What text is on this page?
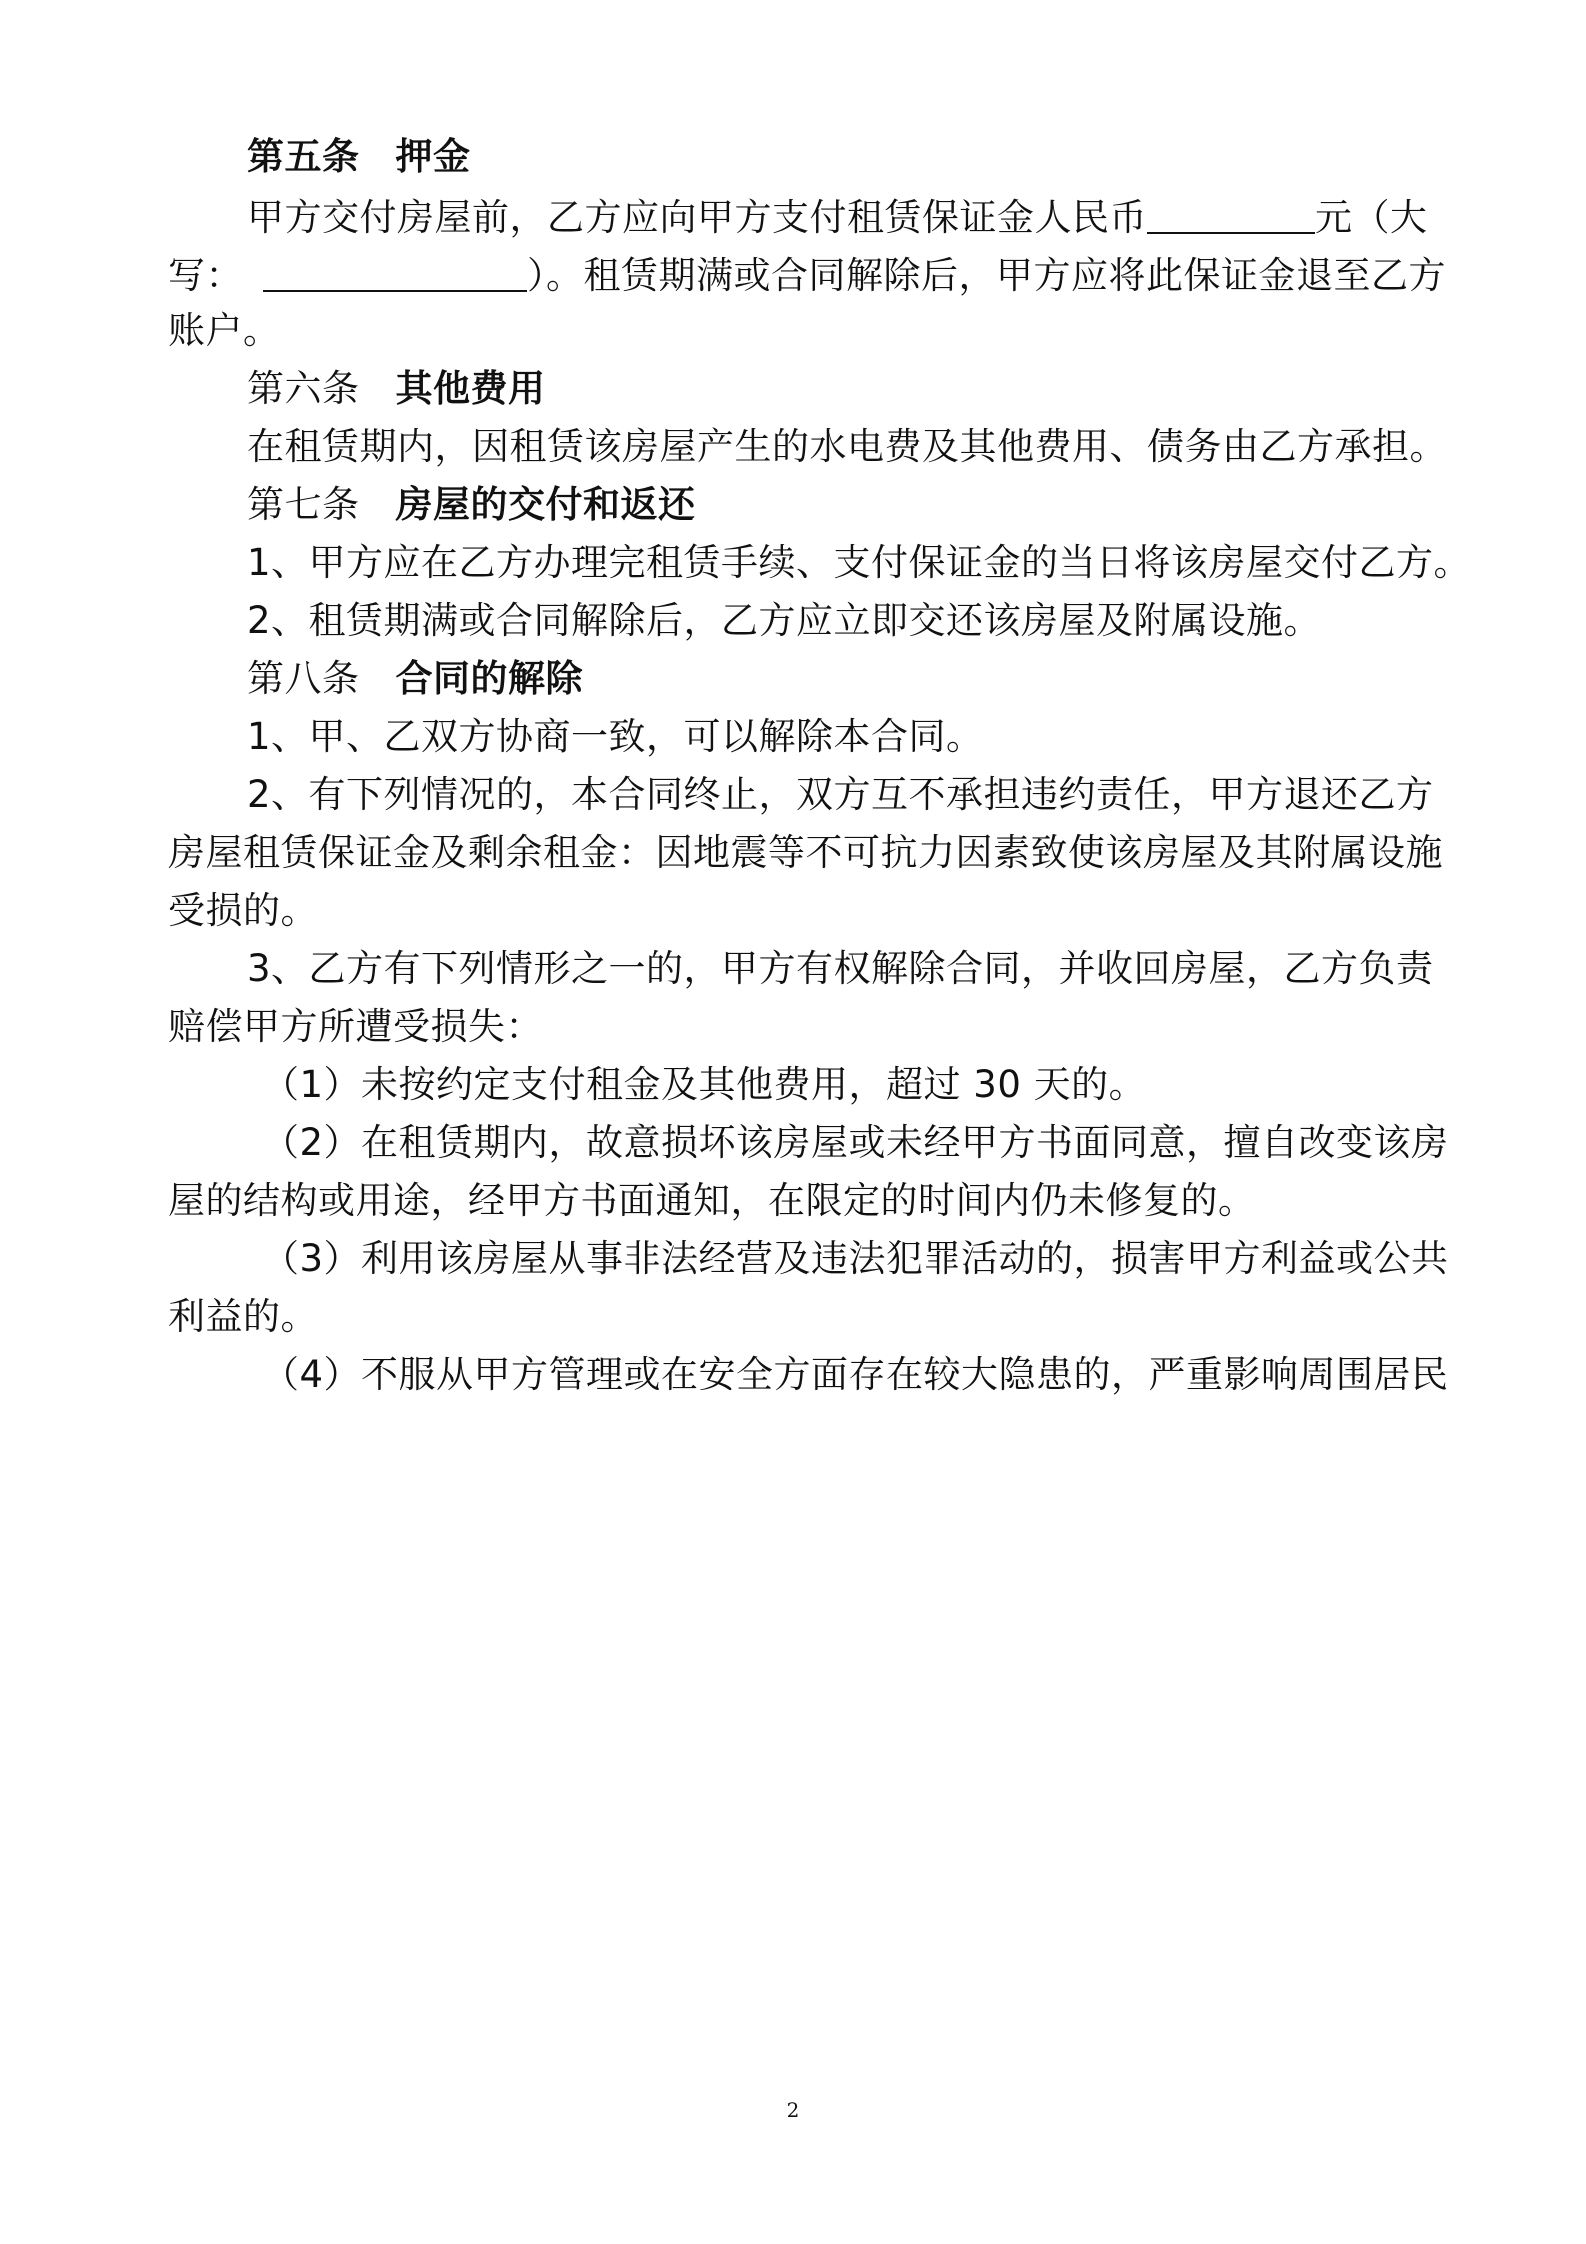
第五条 押金
甲方交付房屋前，乙方应向甲方支付租赁保证金人民币	元（大
写：	）。租赁期满或合同解除后，甲方应将此保证金退至乙方
账户。
第六条 其他费用
在租赁期内，因租赁该房屋产生的水电费及其他费用、债务由乙方承担。
第七条 房屋的交付和返还
1、甲方应在乙方办理完租赁手续、支付保证金的当日将该房屋交付乙方。
2、租赁期满或合同解除后，乙方应立即交还该房屋及附属设施。
第八条 合同的解除
1、甲、乙双方协商一致，可以解除本合同。
2、有下列情况的，本合同终止，双方互不承担违约责任，甲方退还乙方
房屋租赁保证金及剩余租金：因地震等不可抗力因素致使该房屋及其附属设施
受损的。
3、乙方有下列情形之一的，甲方有权解除合同，并收回房屋，乙方负责
赔偿甲方所遭受损失：
（1）未按约定支付租金及其他费用，超过 30 天的。
（2）在租赁期内，故意损坏该房屋或未经甲方书面同意，擅自改变该房
屋的结构或用途，经甲方书面通知，在限定的时间内仍未修复的。
（3）利用该房屋从事非法经营及违法犯罪活动的，损害甲方利益或公共
利益的。
（4）不服从甲方管理或在安全方面存在较大隐患的，严重影响周围居民
2
